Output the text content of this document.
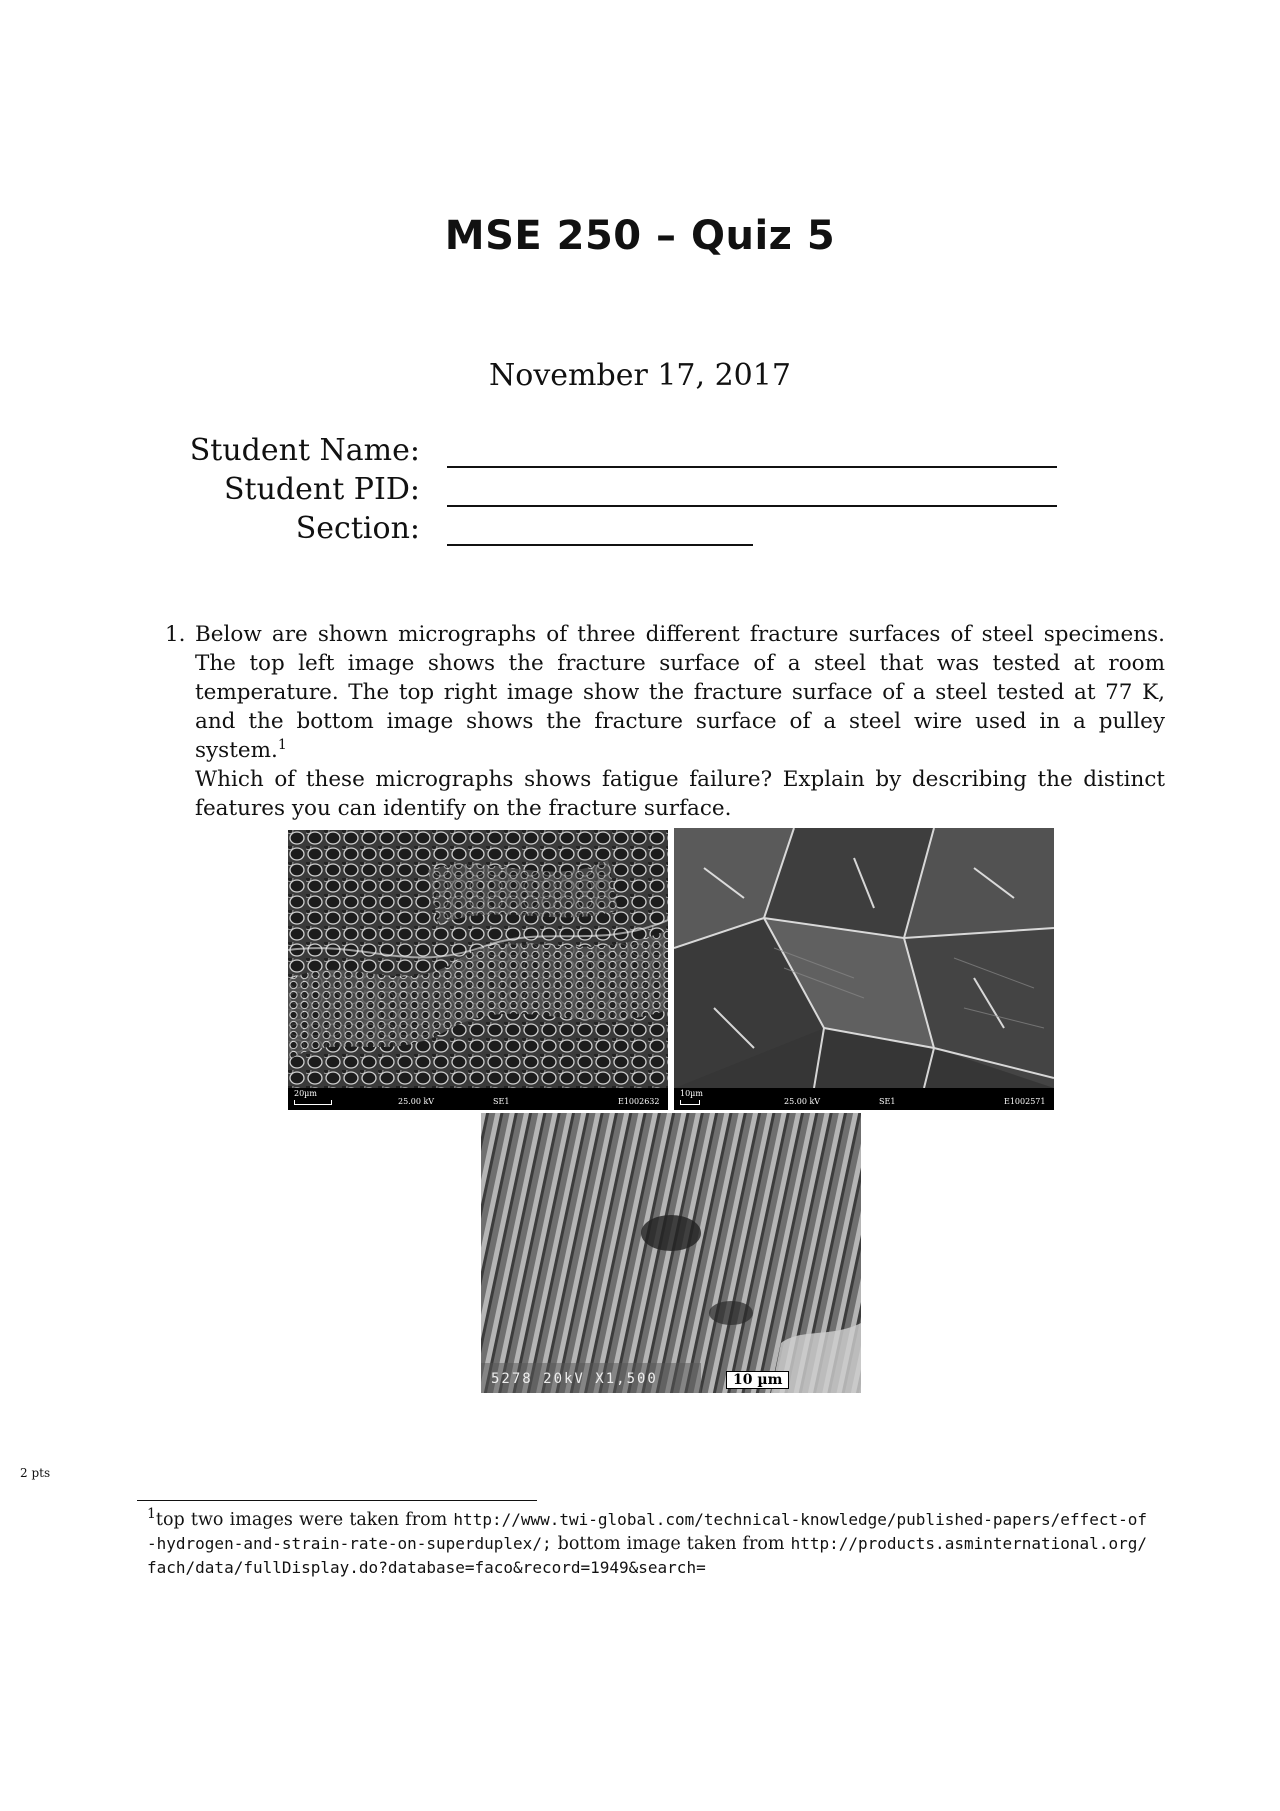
MSE 250 – Quiz 5
November 17, 2017
Student Name:
Student PID:
Section:
1. Below are shown micrographs of three different fracture surfaces of steel specimens. The top left image shows the fracture surface of a steel that was tested at room temperature. The top right image show the fracture surface of a steel tested at 77 K, and the bottom image shows the fracture surface of a steel wire used in a pulley system.$^1$

Which of these micrographs shows fatigue failure? Explain by describing the distinct features you can identify on the fracture surface.

20µm
25.00 kV	SE1	E1002632
10µm
25.00 kV	SE1	E1002571
5278 20kV X1,500	10 µm
2 pts
$^1$top two images were taken from http://www.twi-global.com/technical-knowledge/published-papers/effect-of-hydrogen-and-strain-rate-on-superduplex/; bottom image taken from http://products.asminternational.org/fach/data/fullDisplay.do?database=faco&record=1949&search=
